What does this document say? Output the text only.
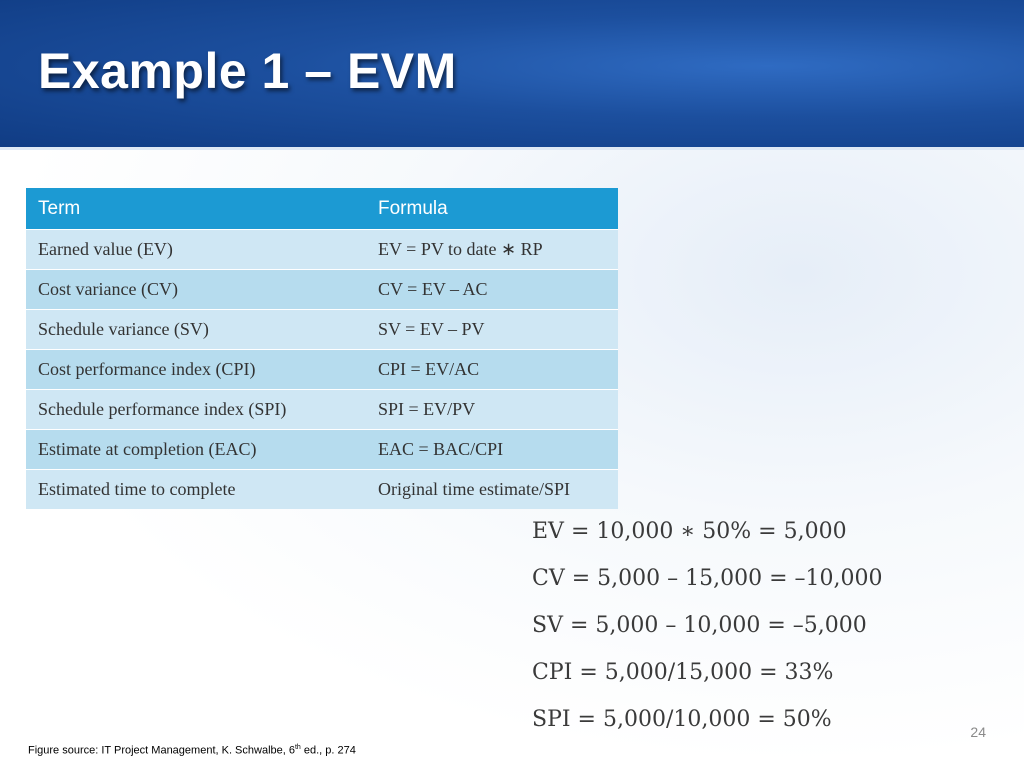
Example 1 – EVM
Term	Formula
Earned value (EV)	EV = PV to date ∗ RP
Cost variance (CV)	CV = EV – AC
Schedule variance (SV)	SV = EV – PV
Cost performance index (CPI)	CPI = EV/AC
Schedule performance index (SPI)	SPI = EV/PV
Estimate at completion (EAC)	EAC = BAC/CPI
Estimated time to complete	Original time estimate/SPI
EV = 10,000 ∗ 50% = 5,000
CV = 5,000 – 15,000 = –10,000
SV = 5,000 – 10,000 = –5,000
CPI = 5,000/15,000 = 33%
SPI = 5,000/10,000 = 50%	24
Figure source: IT Project Management, K. Schwalbe, 6th ed., p. 274
